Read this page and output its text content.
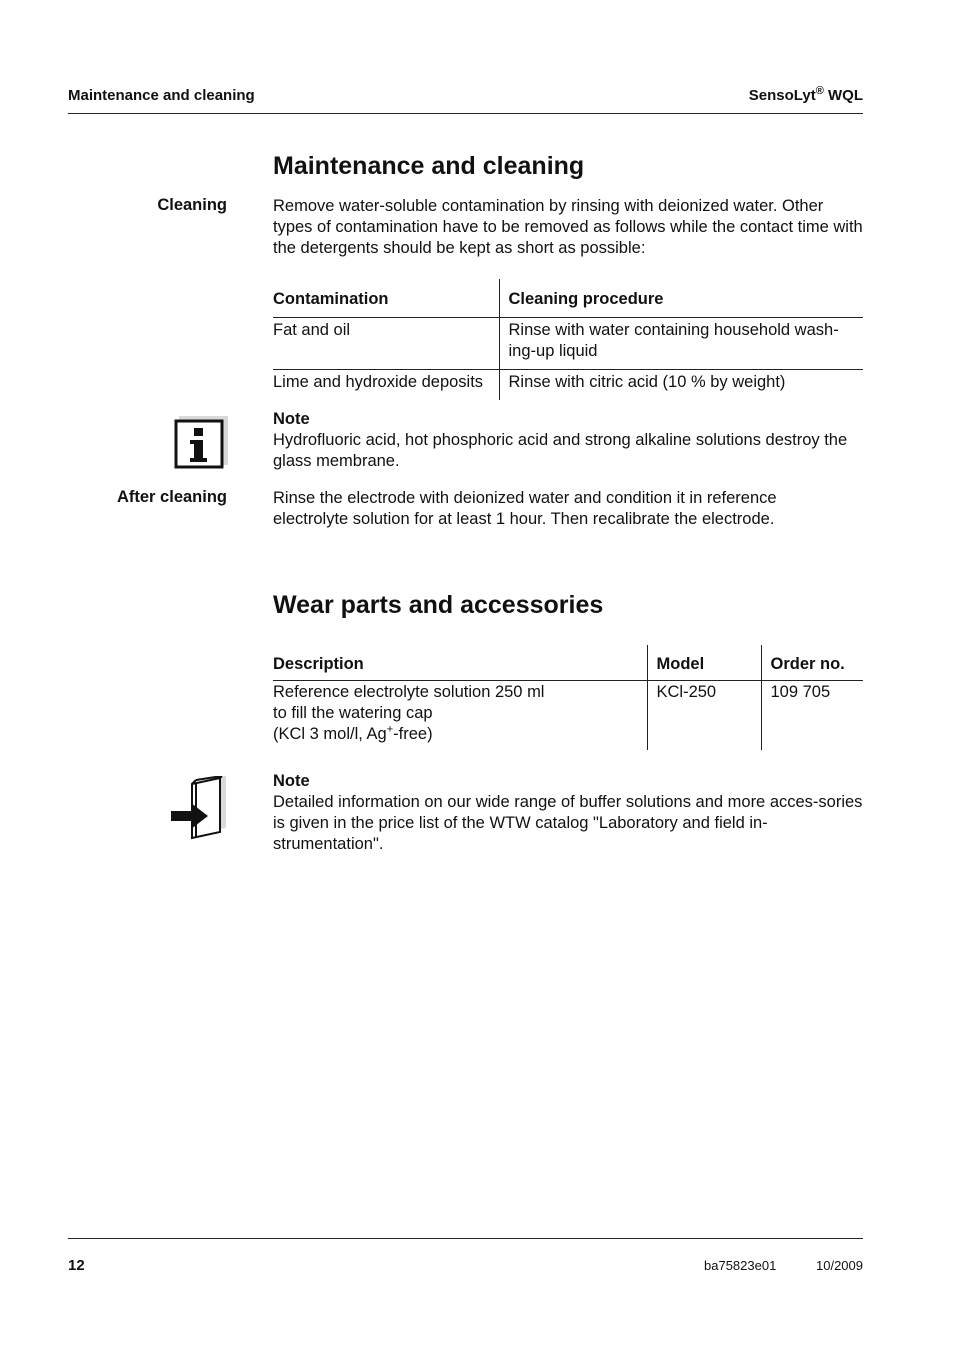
Maintenance and cleaning	SensoLyt® WQL
Maintenance and cleaning
Cleaning	Remove water-soluble contamination by rinsing with deionized water. Other types of contamination have to be removed as follows while the contact time with the detergents should be kept as short as possible:
Contamination	Cleaning procedure
Fat and oil	Rinse with water containing household wash-ing-up liquid
Lime and hydroxide deposits	Rinse with citric acid (10 % by weight)
Note
Hydrofluoric acid, hot phosphoric acid and strong alkaline solutions destroy the glass membrane.
After cleaning	Rinse the electrode with deionized water and condition it in reference electrolyte solution for at least 1 hour. Then recalibrate the electrode.
Wear parts and accessories
Description	Model	Order no.

Reference electrolyte solution 250 ml
to fill the watering cap
(KCl 3 mol/l, Ag+-free)	KCl-250	109 705
Note
Detailed information on our wide range of buffer solutions and more acces-sories is given in the price list of the WTW catalog "Laboratory and field in-strumentation".
12	ba75823e01	10/2009
